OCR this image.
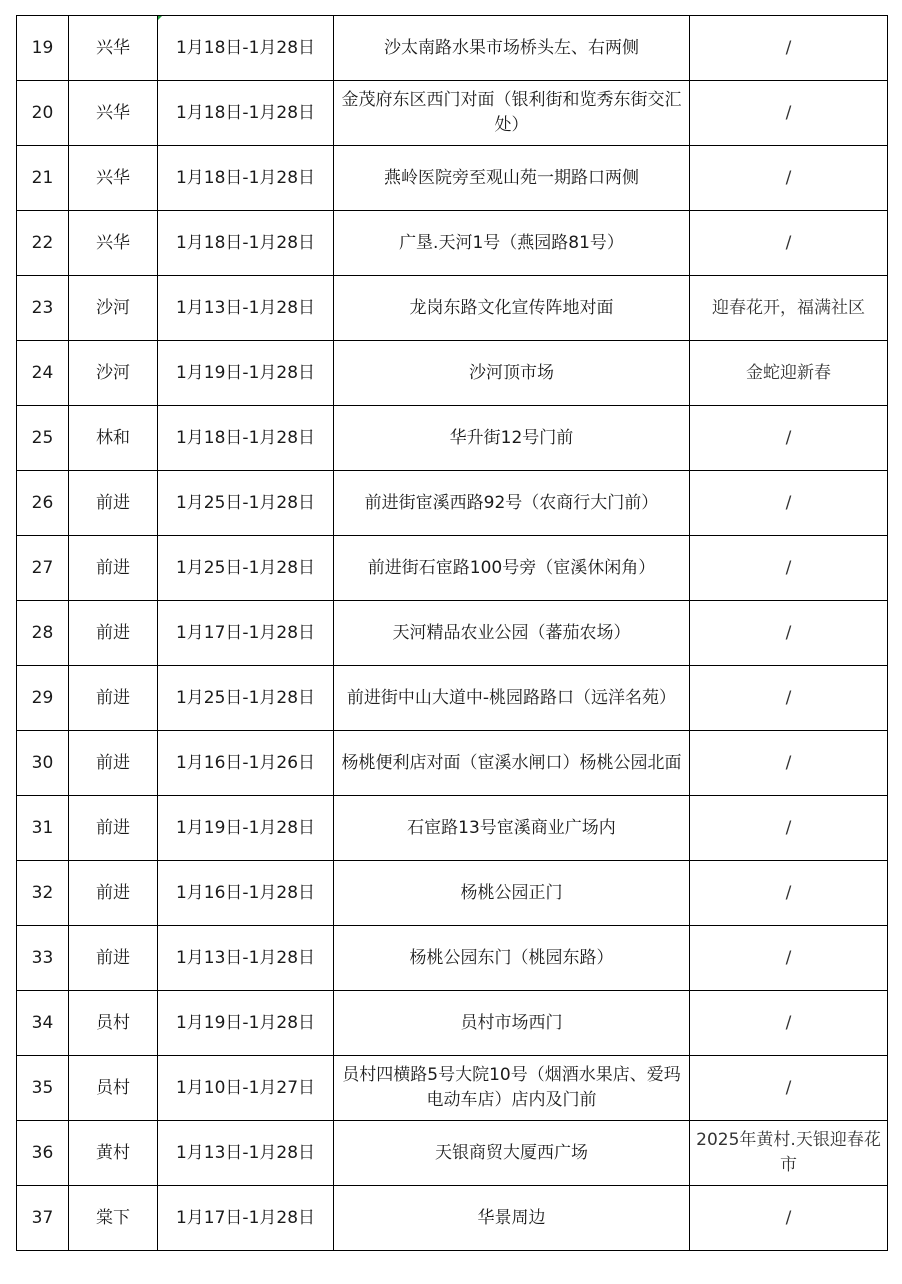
19	兴华	1月18日-1月28日	沙太南路水果市场桥头左、右两侧	/
20	兴华	1月18日-1月28日	金茂府东区西门对面（银利街和览秀东街交汇处）	/
21	兴华	1月18日-1月28日	燕岭医院旁至观山苑一期路口两侧	/
22	兴华	1月18日-1月28日	广垦.天河1号（燕园路81号）	/
23	沙河	1月13日-1月28日	龙岗东路文化宣传阵地对面	迎春花开，福满社区
24	沙河	1月19日-1月28日	沙河顶市场	金蛇迎新春
25	林和	1月18日-1月28日	华升街12号门前	/
26	前进	1月25日-1月28日	前进街宦溪西路92号（农商行大门前）	/
27	前进	1月25日-1月28日	前进街石宦路100号旁（宦溪休闲角）	/
28	前进	1月17日-1月28日	天河精品农业公园（蕃茄农场）	/
29	前进	1月25日-1月28日	前进街中山大道中-桃园路路口（远洋名苑）	/
30	前进	1月16日-1月26日	杨桃便利店对面（宦溪水闸口）杨桃公园北面	/
31	前进	1月19日-1月28日	石宦路13号宦溪商业广场内	/
32	前进	1月16日-1月28日	杨桃公园正门	/
33	前进	1月13日-1月28日	杨桃公园东门（桃园东路）	/
34	员村	1月19日-1月28日	员村市场西门	/
35	员村	1月10日-1月27日	员村四横路5号大院10号（烟酒水果店、爱玛电动车店）店内及门前	/
36	黄村	1月13日-1月28日	天银商贸大厦西广场	2025年黄村.天银迎春花市
37	棠下	1月17日-1月28日	华景周边	/
